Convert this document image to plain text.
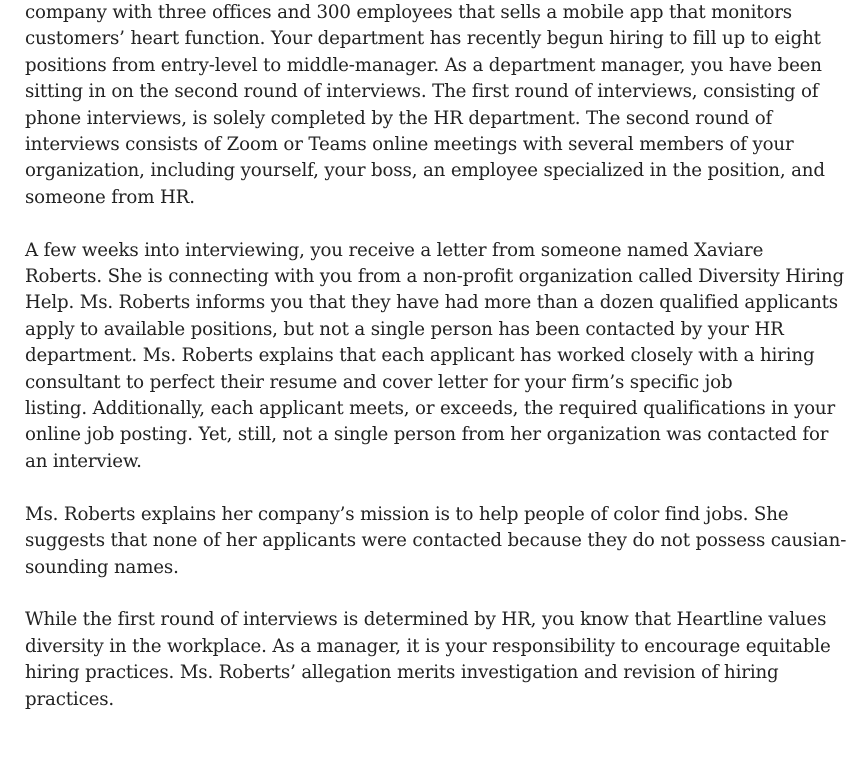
company with three offices and 300 employees that sells a mobile app that monitors
customers’ heart function. Your department has recently begun hiring to fill up to eight
positions from entry-level to middle-manager. As a department manager, you have been
sitting in on the second round of interviews. The first round of interviews, consisting of
phone interviews, is solely completed by the HR department. The second round of
interviews consists of Zoom or Teams online meetings with several members of your
organization, including yourself, your boss, an employee specialized in the position, and
someone from HR.

A few weeks into interviewing, you receive a letter from someone named Xaviare
Roberts. She is connecting with you from a non-profit organization called Diversity Hiring
Help. Ms. Roberts informs you that they have had more than a dozen qualified applicants
apply to available positions, but not a single person has been contacted by your HR
department. Ms. Roberts explains that each applicant has worked closely with a hiring
consultant to perfect their resume and cover letter for your firm’s specific job
listing. Additionally, each applicant meets, or exceeds, the required qualifications in your
online job posting. Yet, still, not a single person from her organization was contacted for
an interview.

Ms. Roberts explains her company’s mission is to help people of color find jobs. She
suggests that none of her applicants were contacted because they do not possess causian-
sounding names.

While the first round of interviews is determined by HR, you know that Heartline values
diversity in the workplace. As a manager, it is your responsibility to encourage equitable
hiring practices. Ms. Roberts’ allegation merits investigation and revision of hiring
practices.
